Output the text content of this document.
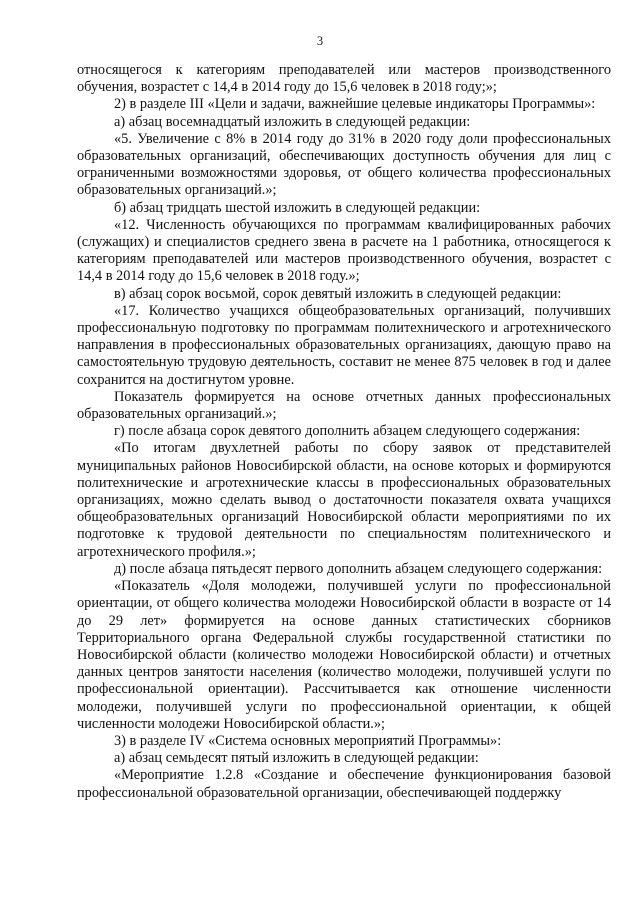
3

относящегося к категориям преподавателей или мастеров производственного обучения, возрастет с 14,4 в 2014 году до 15,6 человек в 2018 году;»;

2) в разделе III «Цели и задачи, важнейшие целевые индикаторы Программы»:

а) абзац восемнадцатый изложить в следующей редакции:

«5. Увеличение с 8% в 2014 году до 31% в 2020 году доли профессиональных образовательных организаций, обеспечивающих доступность обучения для лиц с ограниченными возможностями здоровья, от общего количества профессиональных образовательных организаций.»;

б) абзац тридцать шестой изложить в следующей редакции:

«12. Численность обучающихся по программам квалифицированных рабочих (служащих) и специалистов среднего звена в расчете на 1 работника, относящегося к категориям преподавателей или мастеров производственного обучения, возрастет с 14,4 в 2014 году до 15,6 человек в 2018 году.»;

в) абзац сорок восьмой, сорок девятый изложить в следующей редакции:

«17. Количество учащихся общеобразовательных организаций, получивших профессиональную подготовку по программам политехнического и агротехнического направления в профессиональных образовательных организациях, дающую право на самостоятельную трудовую деятельность, составит не менее 875 человек в год и далее сохранится на достигнутом уровне.

Показатель формируется на основе отчетных данных профессиональных образовательных организаций.»;

г) после абзаца сорок девятого дополнить абзацем следующего содержания:

«По итогам двухлетней работы по сбору заявок от представителей муниципальных районов Новосибирской области, на основе которых и формируются политехнические и агротехнические классы в профессиональных образовательных организациях, можно сделать вывод о достаточности показателя охвата учащихся общеобразовательных организаций Новосибирской области мероприятиями по их подготовке к трудовой деятельности по специальностям политехнического и агротехнического профиля.»;

д) после абзаца пятьдесят первого дополнить абзацем следующего содержания:

«Показатель «Доля молодежи, получившей услуги по профессиональной ориентации, от общего количества молодежи Новосибирской области в возрасте от 14 до 29 лет» формируется на основе данных статистических сборников Территориального органа Федеральной службы государственной статистики по Новосибирской области (количество молодежи Новосибирской области) и отчетных данных центров занятости населения (количество молодежи, получившей услуги по профессиональной ориентации). Рассчитывается как отношение численности молодежи, получившей услуги по профессиональной ориентации, к общей численности молодежи Новосибирской области.»;

3) в разделе IV «Система основных мероприятий Программы»:

а) абзац семьдесят пятый изложить в следующей редакции:

«Мероприятие 1.2.8 «Создание и обеспечение функционирования базовой профессиональной образовательной организации, обеспечивающей поддержку
